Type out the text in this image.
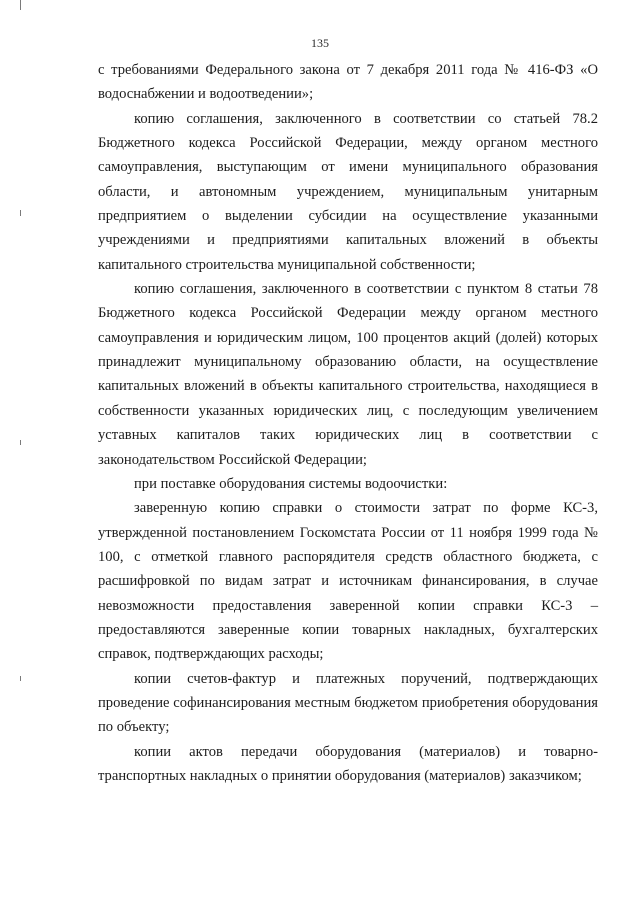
135

с требованиями Федерального закона от 7 декабря 2011 года № 416-ФЗ «О водоснабжении и водоотведении»;

копию соглашения, заключенного в соответствии со статьей 78.2 Бюджетного кодекса Российской Федерации, между органом местного самоуправления, выступающим от имени муниципального образования области, и автономным учреждением, муниципальным унитарным предприятием о выделении субсидии на осуществление указанными учреждениями и предприятиями капитальных вложений в объекты капитального строительства муниципальной собственности;

копию соглашения, заключенного в соответствии с пунктом 8 статьи 78 Бюджетного кодекса Российской Федерации между органом местного самоуправления и юридическим лицом, 100 процентов акций (долей) которых принадлежит муниципальному образованию области, на осуществление капитальных вложений в объекты капитального строительства, находящиеся в собственности указанных юридических лиц, с последующим увеличением уставных капиталов таких юридических лиц в соответствии с законодательством Российской Федерации;

при поставке оборудования системы водоочистки:

заверенную копию справки о стоимости затрат по форме КС-3, утвержденной постановлением Госкомстата России от 11 ноября 1999 года № 100, с отметкой главного распорядителя средств областного бюджета, с расшифровкой по видам затрат и источникам финансирования, в случае невозможности предоставления заверенной копии справки КС-3 – предоставляются заверенные копии товарных накладных, бухгалтерских справок, подтверждающих расходы;

копии счетов-фактур и платежных поручений, подтверждающих проведение софинансирования местным бюджетом приобретения оборудования по объекту;

копии актов передачи оборудования (материалов) и товарно-транспортных накладных о принятии оборудования (материалов) заказчиком;
